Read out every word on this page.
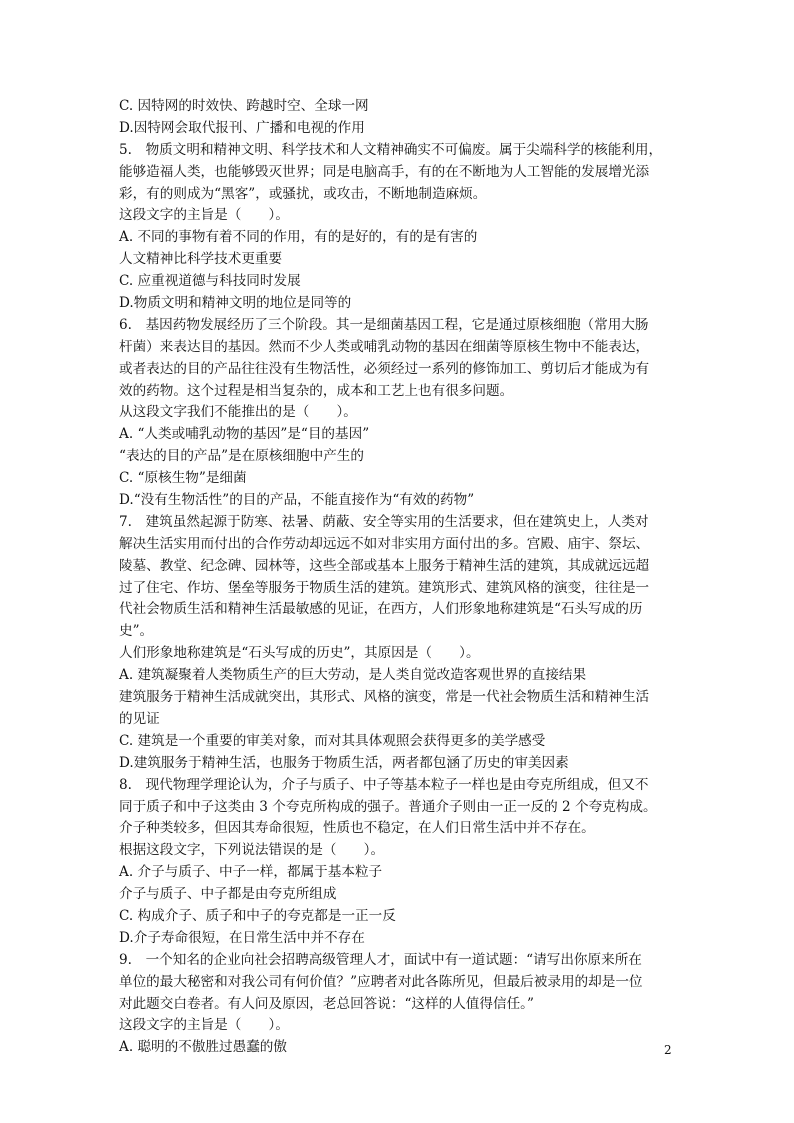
C. 因特网的时效快、跨越时空、全球一网

D.因特网会取代报刊、广播和电视的作用

5.　物质文明和精神文明、科学技术和人文精神确实不可偏废。属于尖端科学的核能利用，

能够造福人类，也能够毁灭世界；同是电脑高手，有的在不断地为人工智能的发展增光添

彩，有的则成为“黑客”，或骚扰，或攻击，不断地制造麻烦。

这段文字的主旨是（　　）。

A. 不同的事物有着不同的作用，有的是好的，有的是有害的

人文精神比科学技术更重要

C. 应重视道德与科技同时发展

D.物质文明和精神文明的地位是同等的

6.　基因药物发展经历了三个阶段。其一是细菌基因工程，它是通过原核细胞（常用大肠

杆菌）来表达目的基因。然而不少人类或哺乳动物的基因在细菌等原核生物中不能表达，

或者表达的目的产品往往没有生物活性，必须经过一系列的修饰加工、剪切后才能成为有

效的药物。这个过程是相当复杂的，成本和工艺上也有很多问题。

从这段文字我们不能推出的是（　　）。

A. “人类或哺乳动物的基因”是“目的基因”

“表达的目的产品”是在原核细胞中产生的

C. “原核生物”是细菌

D.“没有生物活性”的目的产品，不能直接作为“有效的药物”

7.　建筑虽然起源于防寒、祛暑、荫蔽、安全等实用的生活要求，但在建筑史上，人类对

解决生活实用而付出的合作劳动却远远不如对非实用方面付出的多。宫殿、庙宇、祭坛、

陵墓、教堂、纪念碑、园林等，这些全部或基本上服务于精神生活的建筑，其成就远远超

过了住宅、作坊、堡垒等服务于物质生活的建筑。建筑形式、建筑风格的演变，往往是一

代社会物质生活和精神生活最敏感的见证，在西方，人们形象地称建筑是“石头写成的历

史”。

人们形象地称建筑是“石头写成的历史”，其原因是（　　）。

A. 建筑凝聚着人类物质生产的巨大劳动，是人类自觉改造客观世界的直接结果

建筑服务于精神生活成就突出，其形式、风格的演变，常是一代社会物质生活和精神生活

的见证

C. 建筑是一个重要的审美对象，而对其具体观照会获得更多的美学感受

D.建筑服务于精神生活，也服务于物质生活，两者都包涵了历史的审美因素

8.　现代物理学理论认为，介子与质子、中子等基本粒子一样也是由夸克所组成，但又不

同于质子和中子这类由 3 个夸克所构成的强子。普通介子则由一正一反的 2 个夸克构成。

介子种类较多，但因其寿命很短，性质也不稳定，在人们日常生活中并不存在。

根据这段文字，下列说法错误的是（　　）。

A. 介子与质子、中子一样，都属于基本粒子

介子与质子、中子都是由夸克所组成

C. 构成介子、质子和中子的夸克都是一正一反

D.介子寿命很短，在日常生活中并不存在

9.　一个知名的企业向社会招聘高级管理人才，面试中有一道试题：“请写出你原来所在

单位的最大秘密和对我公司有何价值？”应聘者对此各陈所见，但最后被录用的却是一位

对此题交白卷者。有人问及原因，老总回答说：“这样的人值得信任。”

这段文字的主旨是（　　）。

A. 聪明的不傲胜过愚蠢的傲	2
